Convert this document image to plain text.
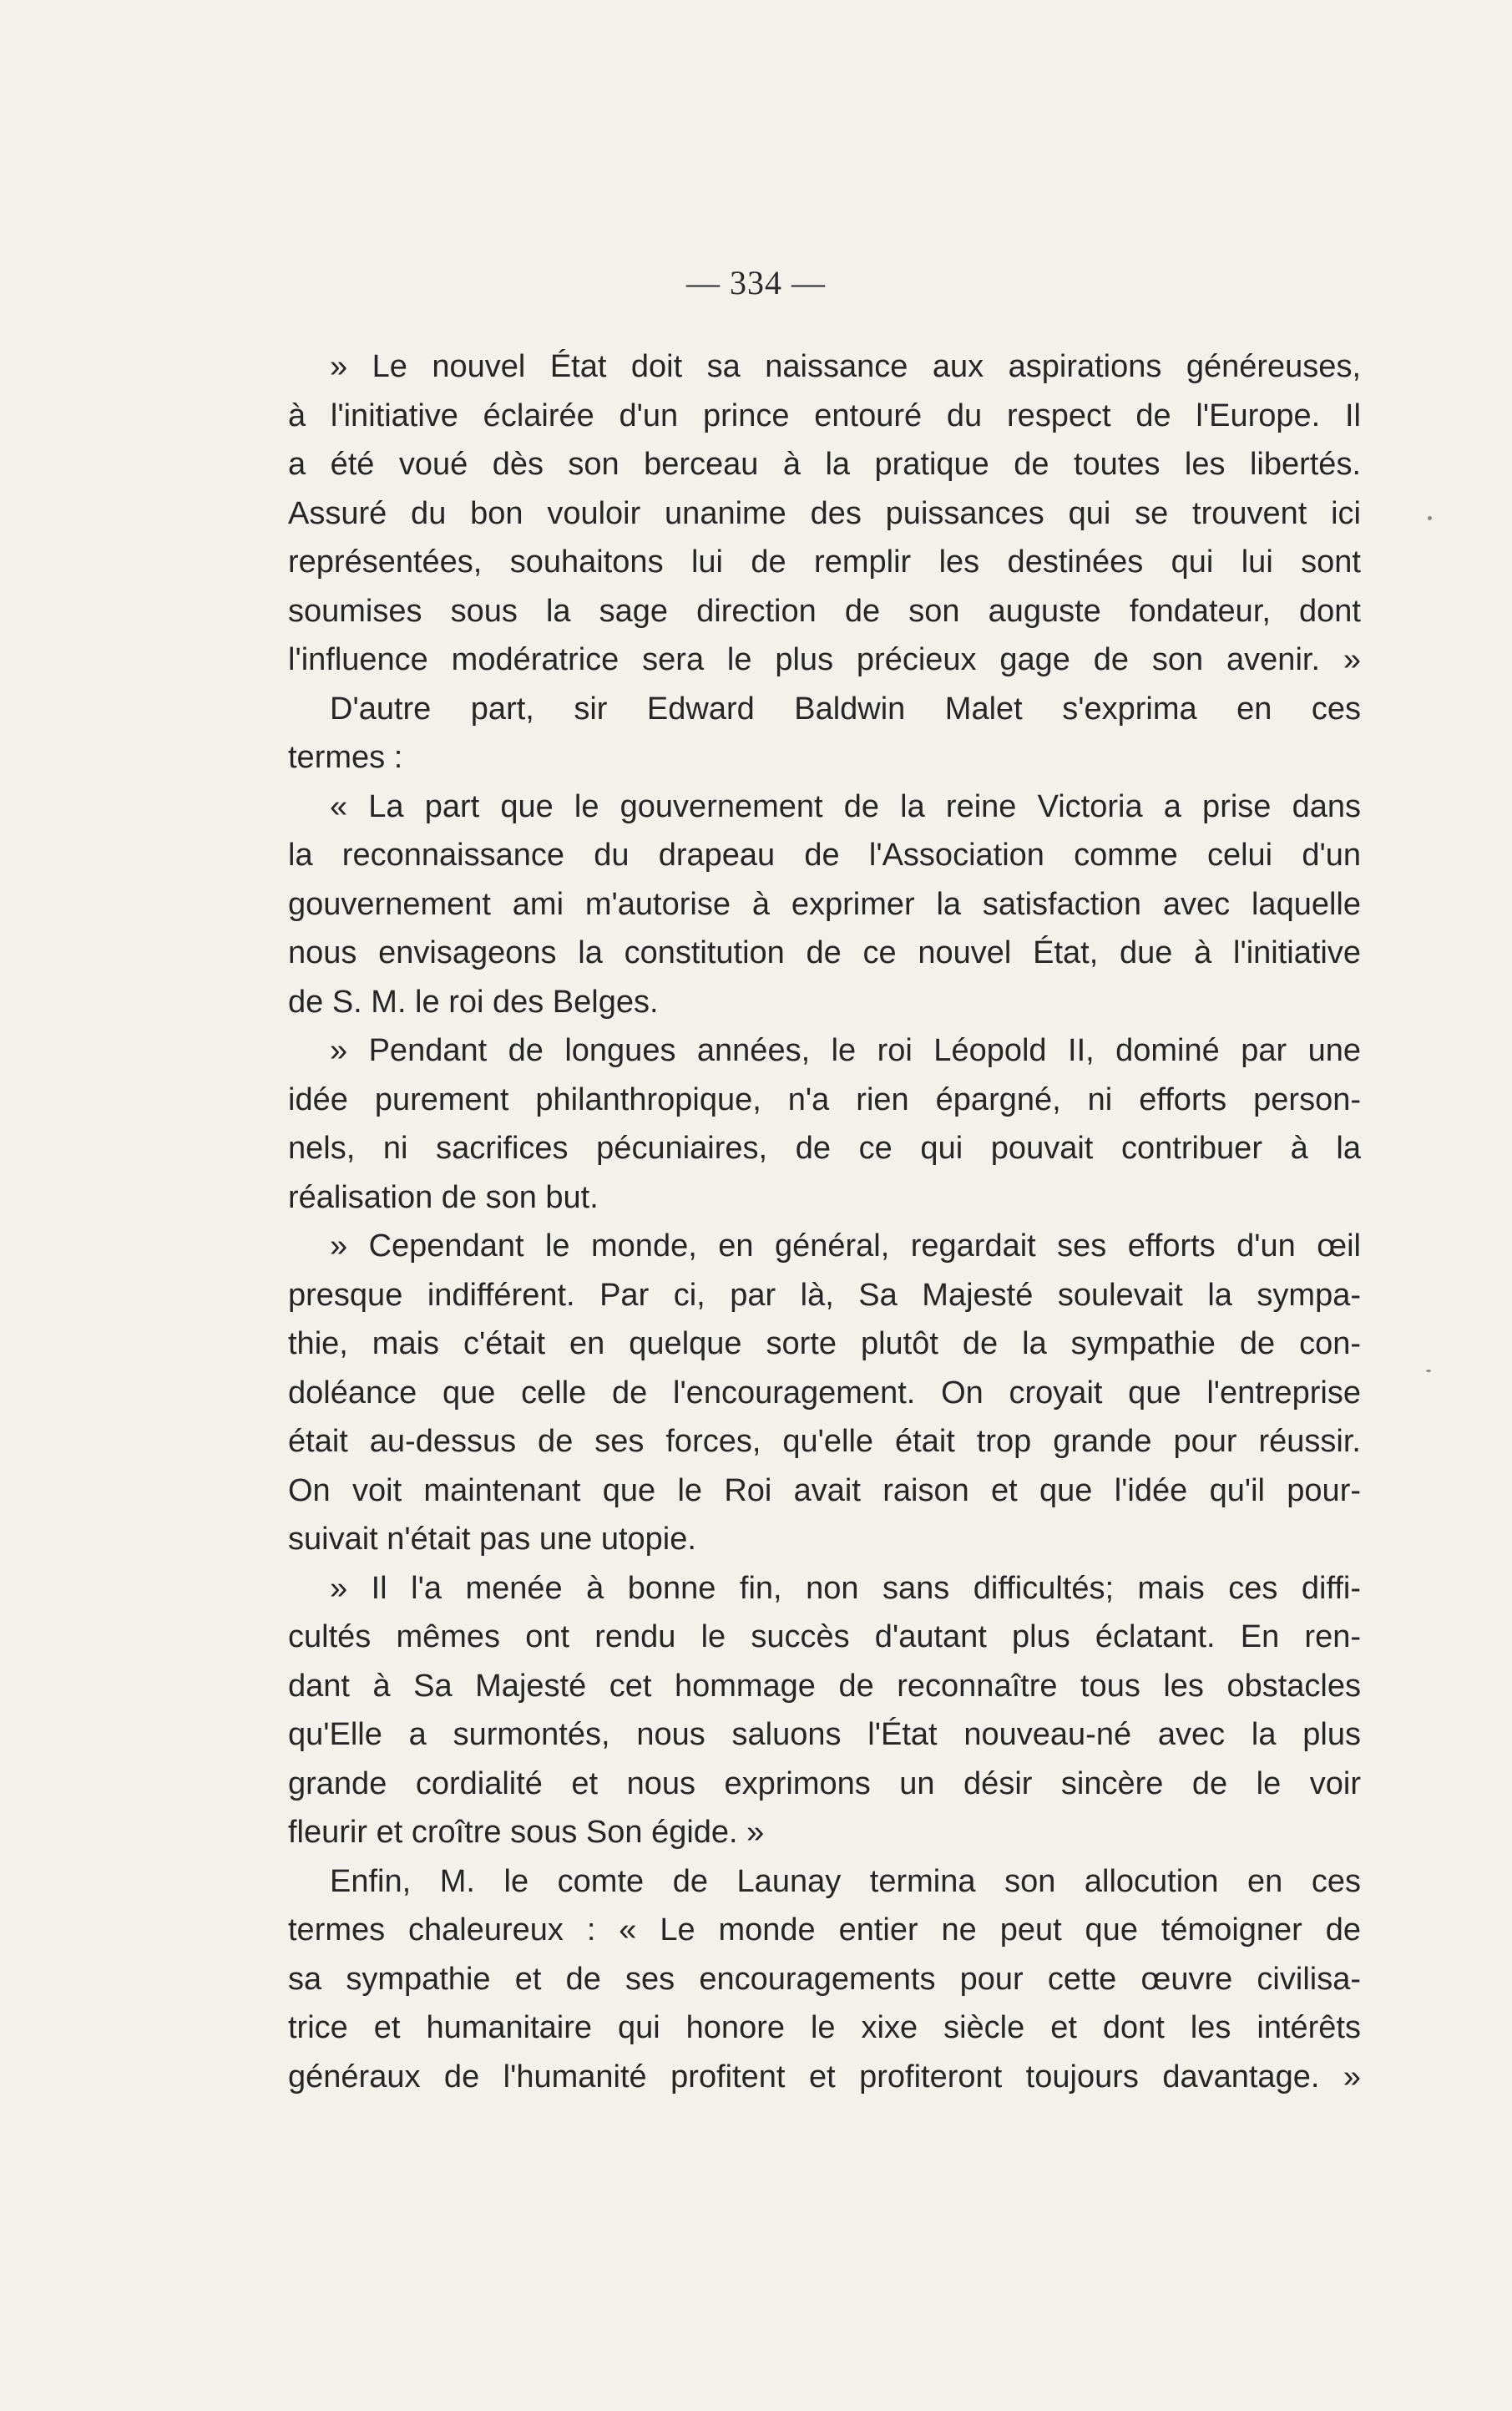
— 334 —
» Le nouvel État doit sa naissance aux aspirations généreuses,
à l'initiative éclairée d'un prince entouré du respect de l'Europe. Il
a été voué dès son berceau à la pratique de toutes les libertés.
Assuré du bon vouloir unanime des puissances qui se trouvent ici
représentées, souhaitons lui de remplir les destinées qui lui sont
soumises sous la sage direction de son auguste fondateur, dont
l'influence modératrice sera le plus précieux gage de son avenir. »
D'autre part, sir Edward Baldwin Malet s'exprima en ces
termes :
« La part que le gouvernement de la reine Victoria a prise dans
la reconnaissance du drapeau de l'Association comme celui d'un
gouvernement ami m'autorise à exprimer la satisfaction avec laquelle
nous envisageons la constitution de ce nouvel État, due à l'initiative
de S. M. le roi des Belges.
» Pendant de longues années, le roi Léopold II, dominé par une
idée purement philanthropique, n'a rien épargné, ni efforts person-
nels, ni sacrifices pécuniaires, de ce qui pouvait contribuer à la
réalisation de son but.
» Cependant le monde, en général, regardait ses efforts d'un œil
presque indifférent. Par ci, par là, Sa Majesté soulevait la sympa-
thie, mais c'était en quelque sorte plutôt de la sympathie de con-
doléance que celle de l'encouragement. On croyait que l'entreprise
était au-dessus de ses forces, qu'elle était trop grande pour réussir.
On voit maintenant que le Roi avait raison et que l'idée qu'il pour-
suivait n'était pas une utopie.
» Il l'a menée à bonne fin, non sans difficultés; mais ces diffi-
cultés mêmes ont rendu le succès d'autant plus éclatant. En ren-
dant à Sa Majesté cet hommage de reconnaître tous les obstacles
qu'Elle a surmontés, nous saluons l'État nouveau-né avec la plus
grande cordialité et nous exprimons un désir sincère de le voir
fleurir et croître sous Son égide. »
Enfin, M. le comte de Launay termina son allocution en ces
termes chaleureux : « Le monde entier ne peut que témoigner de
sa sympathie et de ses encouragements pour cette œuvre civilisa-
trice et humanitaire qui honore le xixe siècle et dont les intérêts
généraux de l'humanité profitent et profiteront toujours davantage. »
